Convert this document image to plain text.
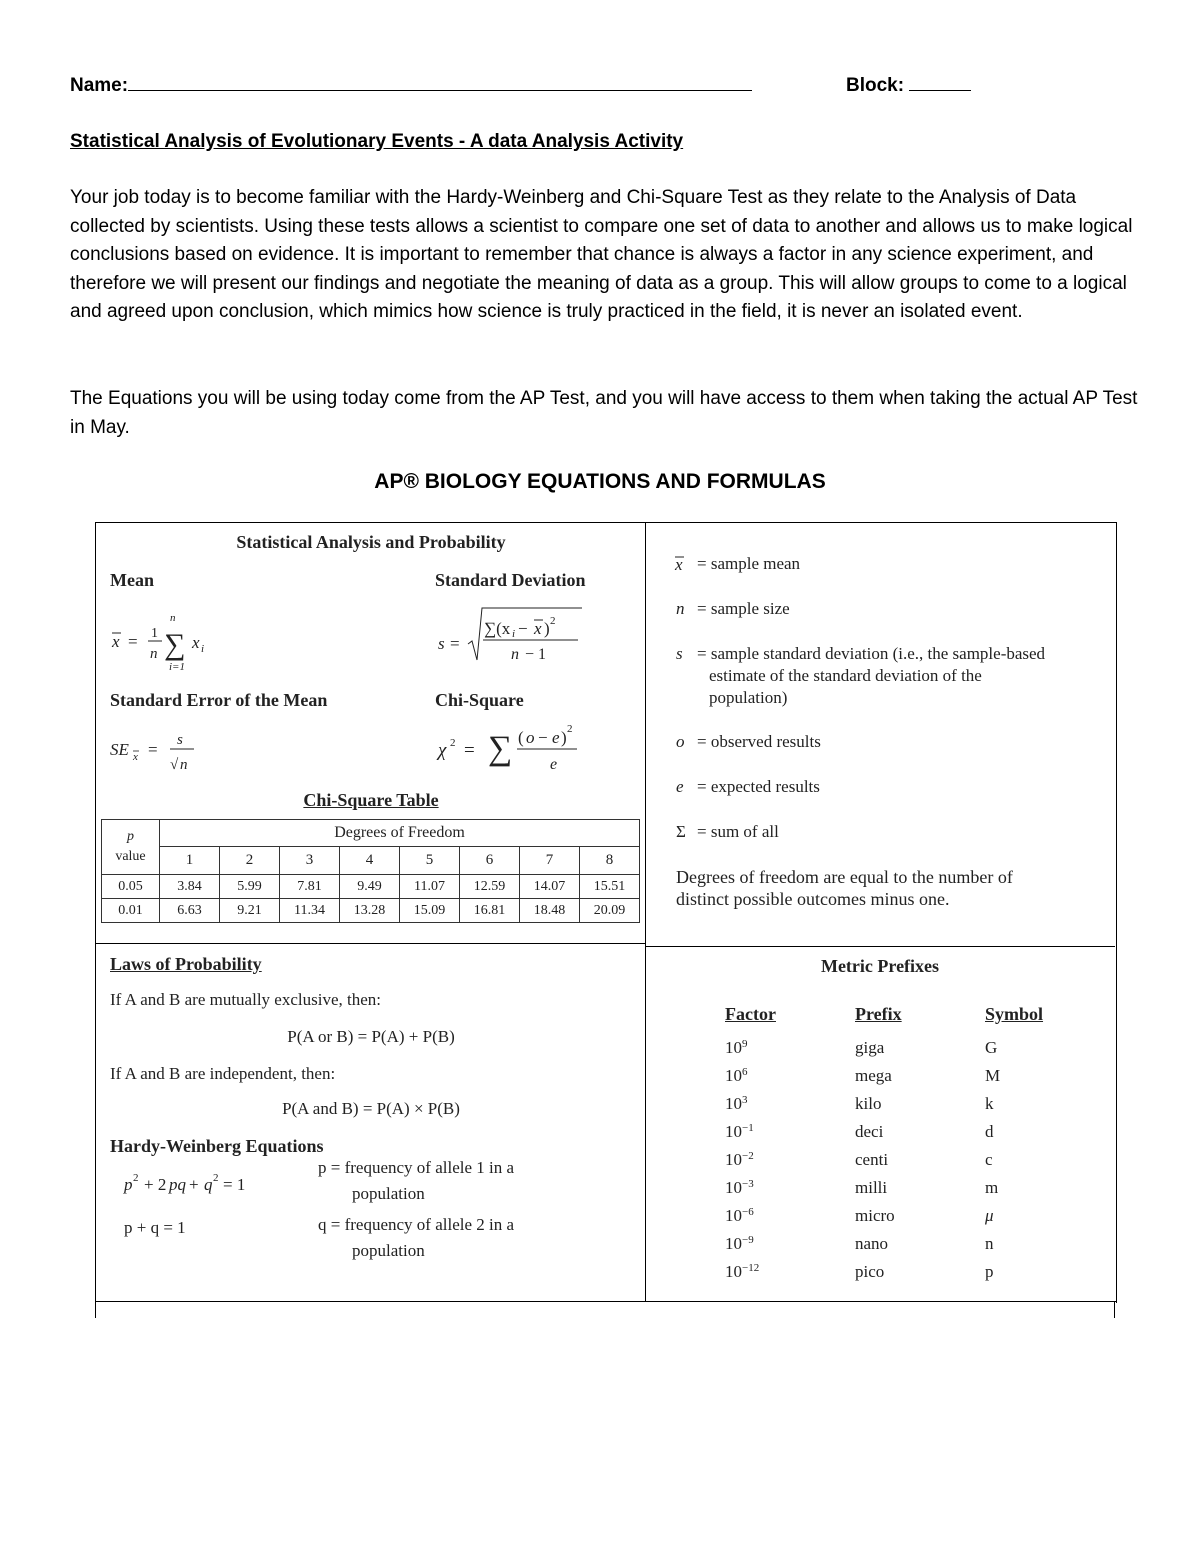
Name:	Block:
Statistical Analysis of Evolutionary Events - A data Analysis Activity
Your job today is to become familiar with the Hardy-Weinberg and Chi-Square Test as they relate to the Analysis of Data collected by scientists. Using these tests allows a scientist to compare one set of data to another and allows us to make logical conclusions based on evidence. It is important to remember that chance is always a factor in any science experiment, and therefore we will present our findings and negotiate the meaning of data as a group. This will allow groups to come to a logical and agreed upon conclusion, which mimics how science is truly practiced in the field, it is never an isolated event.
The Equations you will be using today come from the AP Test, and you will have access to them when taking the actual AP Test in May.
AP® BIOLOGY EQUATIONS AND FORMULAS
Statistical Analysis and Probability
Mean	Standard Deviation
x = 1
n
n
∑
i=1
x i	s =
∑(x i − x ) 2
n − 1
Standard Error of the Mean	Chi-Square
SE x = s
√ n
χ 2 = ∑ ( o − e ) 2
e
Chi-Square Table
p
value	Degrees of Freedom							
	1	2	3	4	5	6	7	8
0.05	3.84	5.99	7.81	9.49	11.07	12.59	14.07	15.51
0.01	6.63	9.21	11.34	13.28	15.09	16.81	18.48	20.09
Laws of Probability
If A and B are mutually exclusive, then:
P(A or B) = P(A) + P(B)
If A and B are independent, then:
P(A and B) = P(A) × P(B)
Hardy-Weinberg Equations
p 2 + 2 pq + q 2 = 1
p + q = 1
p = frequency of allele 1 in a
population
q = frequency of allele 2 in a
population
x = sample mean
n = sample size
s = sample standard deviation (i.e., the sample-based
estimate of the standard deviation of the
population)
o = observed results
e = expected results
Σ = sum of all
Degrees of freedom are equal to the number of
distinct possible outcomes minus one.
Metric Prefixes
Factor	Prefix	Symbol
$10^9$	giga	G
$10^6$	mega	M
$10^3$	kilo	k
$10^{-1}$	deci	d
$10^{-2}$	centi	c
$10^{-3}$	milli	m
$10^{-6}$	micro	μ
$10^{-9}$	nano	n
$10^{-12}$	pico	p
